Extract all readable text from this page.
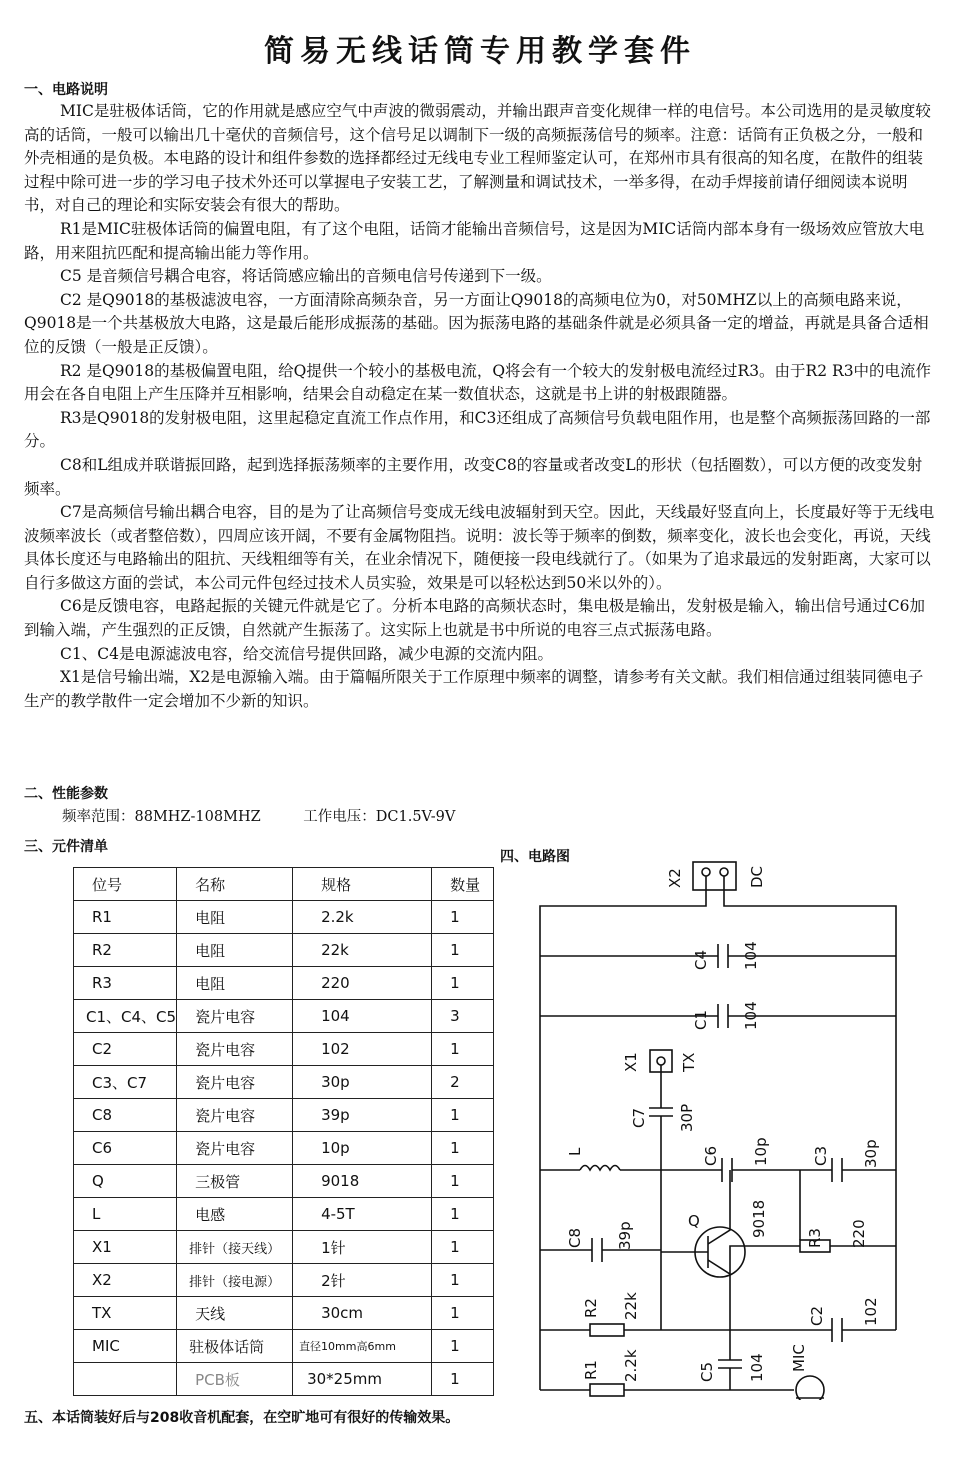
简易无线话筒专用教学套件
一、电路说明

MIC是驻极体话筒，它的作用就是感应空气中声波的微弱震动，并输出跟声音变化规律一样的电信号。本公司选用的是灵敏度较高的话筒，一般可以输出几十毫伏的音频信号，这个信号足以调制下一级的高频振荡信号的频率。注意：话筒有正负极之分，一般和外壳相通的是负极。本电路的设计和组件参数的选择都经过无线电专业工程师鉴定认可，在郑州市具有很高的知名度，在散件的组装过程中除可进一步的学习电子技术外还可以掌握电子安装工艺，了解测量和调试技术，一举多得，在动手焊接前请仔细阅读本说明书，对自己的理论和实际安装会有很大的帮助。

R1是MIC驻极体话筒的偏置电阻，有了这个电阻，话筒才能输出音频信号，这是因为MIC话筒内部本身有一级场效应管放大电路，用来阻抗匹配和提高输出能力等作用。

C5 是音频信号耦合电容，将话筒感应输出的音频电信号传递到下一级。

C2 是Q9018的基极滤波电容，一方面清除高频杂音，另一方面让Q9018的高频电位为0，对50MHZ以上的高频电路来说，Q9018是一个共基极放大电路，这是最后能形成振荡的基础。因为振荡电路的基础条件就是必须具备一定的增益，再就是具备合适相位的反馈（一般是正反馈）。

R2 是Q9018的基极偏置电阻，给Q提供一个较小的基极电流，Q将会有一个较大的发射极电流经过R3。由于R2 R3中的电流作用会在各自电阻上产生压降并互相影响，结果会自动稳定在某一数值状态，这就是书上讲的射极跟随器。

R3是Q9018的发射极电阻，这里起稳定直流工作点作用，和C3还组成了高频信号负载电阻作用，也是整个高频振荡回路的一部分。

C8和L组成并联谐振回路，起到选择振荡频率的主要作用，改变C8的容量或者改变L的形状（包括圈数），可以方便的改变发射频率。

C7是高频信号输出耦合电容，目的是为了让高频信号变成无线电波辐射到天空。因此，天线最好竖直向上，长度最好等于无线电波频率波长（或者整倍数），四周应该开阔，不要有金属物阻挡。说明：波长等于频率的倒数，频率变化，波长也会变化，再说，天线具体长度还与电路输出的阻抗、天线粗细等有关，在业余情况下，随便接一段电线就行了。（如果为了追求最远的发射距离，大家可以自行多做这方面的尝试，本公司元件包经过技术人员实验，效果是可以轻松达到50米以外的）。

C6是反馈电容，电路起振的关键元件就是它了。分析本电路的高频状态时，集电极是输出，发射极是输入，输出信号通过C6加到输入端，产生强烈的正反馈，自然就产生振荡了。这实际上也就是书中所说的电容三点式振荡电路。

C1、C4是电源滤波电容，给交流信号提供回路，减少电源的交流内阻。

X1是信号输出端，X2是电源输入端。由于篇幅所限关于工作原理中频率的调整，请参考有关文献。我们相信通过组装同德电子生产的教学散件一定会增加不少新的知识。

二、性能参数
频率范围：88MHZ-108MHZ	工作电压：DC1.5V-9V
三、元件清单
四、电路图
位号	名称	规格	数量
R1	电阻	2.2k	1
R2	电阻	22k	1
R3	电阻	220	1
C1、C4、C5	瓷片电容	104	3
C2	瓷片电容	102	1
C3、C7	瓷片电容	30p	2
C8	瓷片电容	39p	1
C6	瓷片电容	10p	1
Q	三极管	9018	1
L	电感	4-5T	1
X1	排针（接天线）	1针	1
X2	排针（接电源）	2针	1
TX	天线	30cm	1
MIC	驻极体话筒	直径10mm高6mm	1
	PCB板	30*25mm	1
X2	DC
C4 104
C1 104
X1	TX
C7 30P
L	C6 10p	C3 30p
C8 39p
Q	9018
R3 220
R2 22k	C2 102
R1 2.2k	C5 104 MIC
五、本话筒装好后与208收音机配套，在空旷地可有很好的传输效果。
